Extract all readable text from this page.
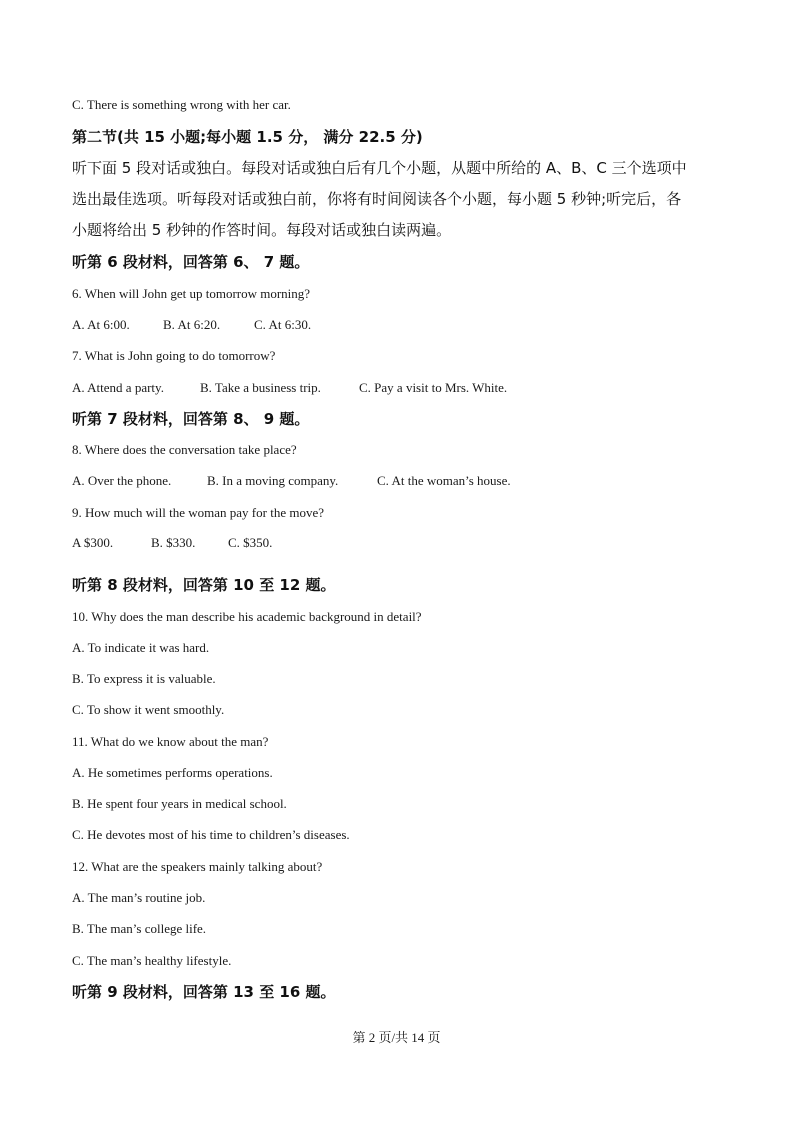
C. There is something wrong with her car.
第二节(共 15 小题;每小题 1.5 分， 满分 22.5 分)
听下面 5 段对话或独白。每段对话或独白后有几个小题，从题中所给的 A、B、C 三个选项中
选出最佳选项。听每段对话或独白前，你将有时间阅读各个小题，每小题 5 秒钟;听完后，各
小题将给出 5 秒钟的作答时间。每段对话或独白读两遍。
听第 6 段材料，回答第 6、 7 题。
6. When will John get up tomorrow morning?
A. At 6:00.	B. At 6:20.	C. At 6:30.
7. What is John going to do tomorrow?
A. Attend a party.	B. Take a business trip.	C. Pay a visit to Mrs. White.
听第 7 段材料，回答第 8、 9 题。
8. Where does the conversation take place?
A. Over the phone.	B. In a moving company.	C. At the woman’s house.
9. How much will the woman pay for the move?
A $300.	B. $330.	C. $350.
听第 8 段材料，回答第 10 至 12 题。
10. Why does the man describe his academic background in detail?
A. To indicate it was hard.
B. To express it is valuable.
C. To show it went smoothly.
11. What do we know about the man?
A. He sometimes performs operations.
B. He spent four years in medical school.
C. He devotes most of his time to children’s diseases.
12. What are the speakers mainly talking about?
A. The man’s routine job.
B. The man’s college life.
C. The man’s healthy lifestyle.
听第 9 段材料，回答第 13 至 16 题。
第 2 页/共 14 页
